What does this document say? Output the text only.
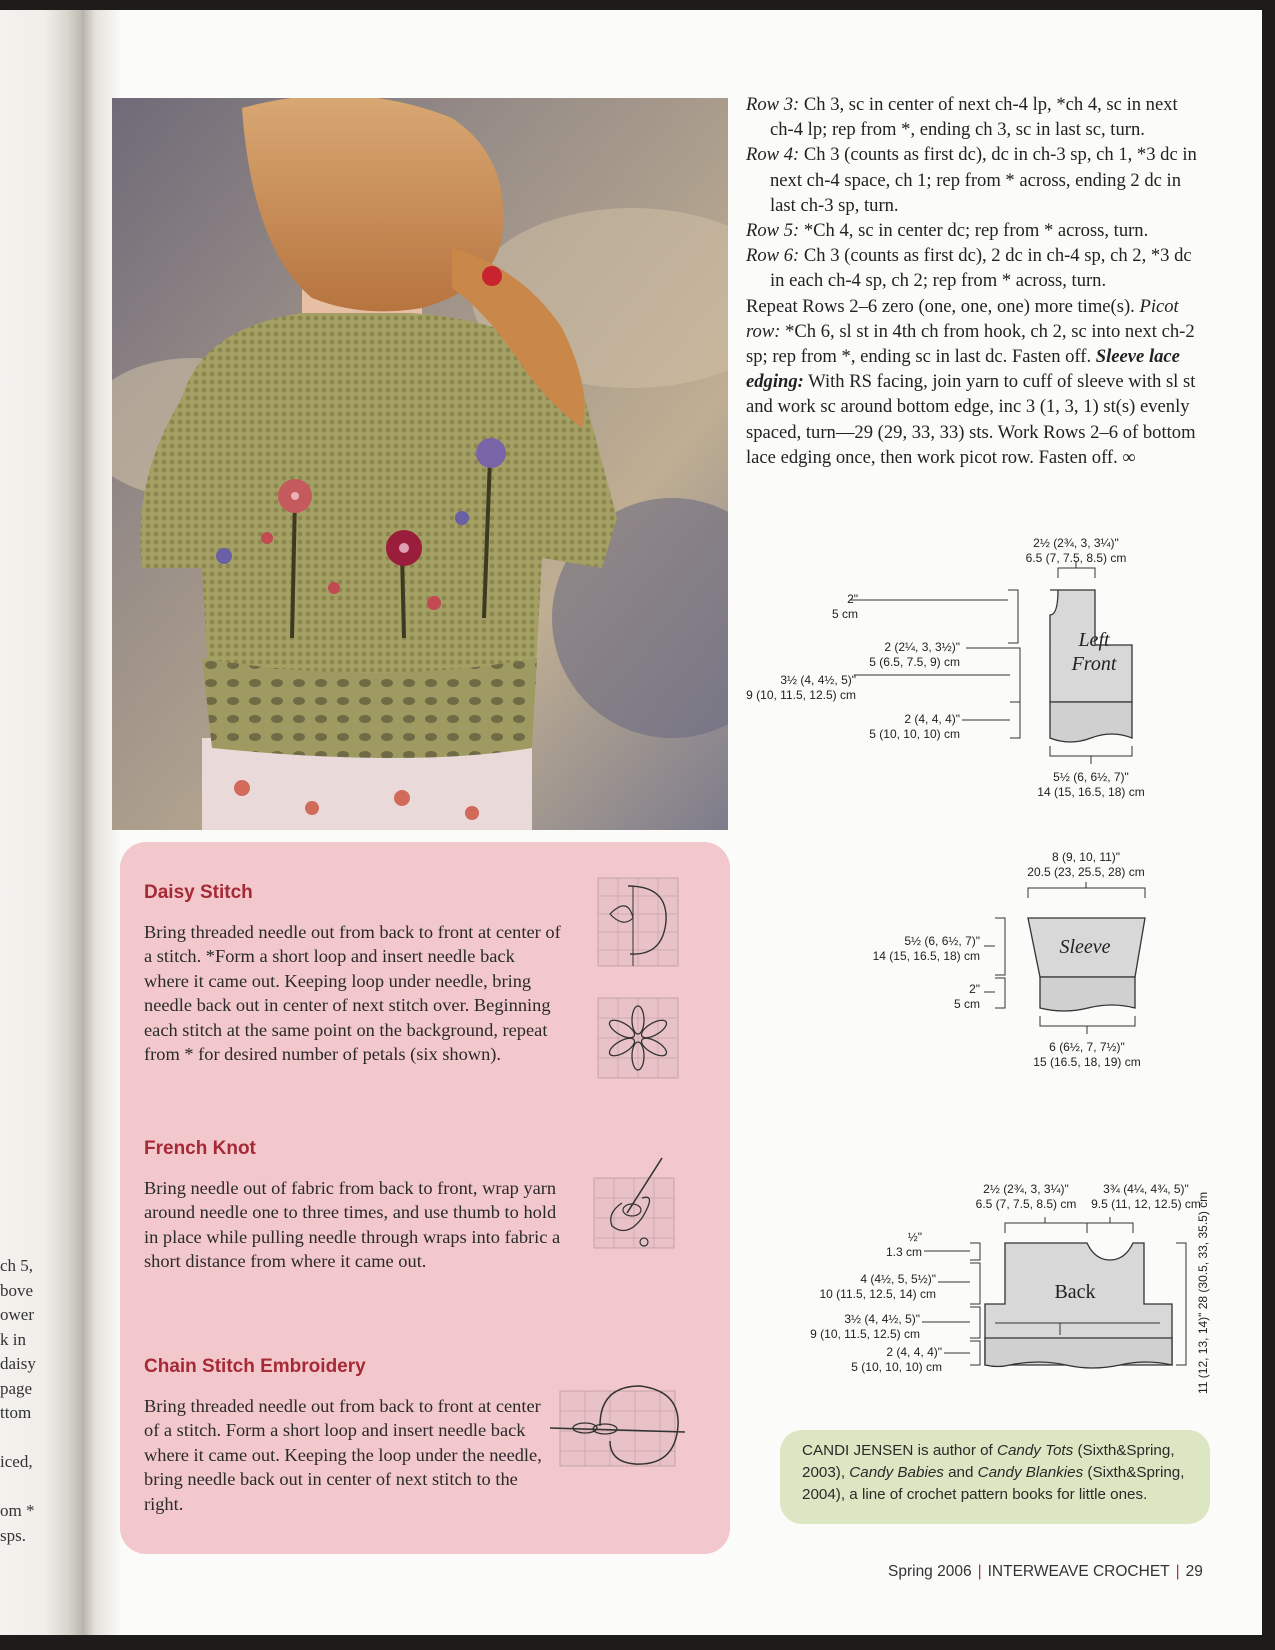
ch 5,
bove
ower
k in
daisy
page
ttom
iced,
om *
sps.

Row 3: Ch 3, sc in center of next ch-4 lp, *ch 4, sc in next ch-4 lp; rep from *, ending ch 3, sc in last sc, turn.

Row 4: Ch 3 (counts as first dc), dc in ch-3 sp, ch 1, *3 dc in next ch-4 space, ch 1; rep from * across, ending 2 dc in last ch-3 sp, turn.

Row 5: *Ch 4, sc in center dc; rep from * across, turn.

Row 6: Ch 3 (counts as first dc), 2 dc in ch-4 sp, ch 2, *3 dc in each ch-4 sp, ch 2; rep from * across, turn.

Repeat Rows 2–6 zero (one, one, one) more time(s). Picot row: *Ch 6, sl st in 4th ch from hook, ch 2, sc into next ch-2 sp; rep from *, ending sc in last dc. Fasten off. Sleeve lace edging: With RS facing, join yarn to cuff of sleeve with sl st and work sc around bottom edge, inc 3 (1, 3, 1) st(s) evenly spaced, turn—29 (29, 33, 33) sts. Work Rows 2–6 of bottom lace edging once, then work picot row. Fasten off. ∞

Daisy Stitch

Bring threaded needle out from back to front at center of a stitch. *Form a short loop and insert needle back where it came out. Keeping loop under needle, bring needle back out in center of next stitch over. Beginning each stitch at the same point on the background, repeat from * for desired number of petals (six shown).

French Knot

Bring needle out of fabric from back to front, wrap yarn around needle one to three times, and use thumb to hold in place while pulling needle through wraps into fabric a short distance from where it came out.

Chain Stitch Embroidery

Bring threaded needle out from back to front at center of a stitch. Form a short loop and insert needle back where it came out. Keeping the loop under the needle, bring needle back out in center of next stitch to the right.

2½ (2¾, 3, 3¼)"
6.5 (7, 7.5, 8.5) cm
2"
5 cm
2 (2¼, 3, 3½)"
5 (6.5, 7.5, 9) cm
3½ (4, 4½, 5)"
9 (10, 11.5, 12.5) cm
2 (4, 4, 4)"
5 (10, 10, 10) cm
5½ (6, 6½, 7)"
14 (15, 16.5, 18) cm
Left
Front
8 (9, 10, 11)"
20.5 (23, 25.5, 28) cm
5½ (6, 6½, 7)"
14 (15, 16.5, 18) cm
2"
5 cm
6 (6½, 7, 7½)"
15 (16.5, 18, 19) cm
Sleeve
2½ (2¾, 3, 3¼)"
6.5 (7, 7.5, 8.5) cm
3¾ (4¼, 4¾, 5)"
9.5 (11, 12, 12.5) cm
½"
1.3 cm
4 (4½, 5, 5½)"
10 (11.5, 12.5, 14) cm
3½ (4, 4½, 5)"
9 (10, 11.5, 12.5) cm
2 (4, 4, 4)"
5 (10, 10, 10) cm
Back	11 (12, 13, 14)" 28 (30.5, 33, 35.5) cm
CANDI JENSEN is author of Candy Tots (Sixth&Spring, 2003), Candy Babies and Candy Blankies (Sixth&Spring, 2004), a line of crochet pattern books for little ones.
Spring 2006 | INTERWEAVE CROCHET | 29
